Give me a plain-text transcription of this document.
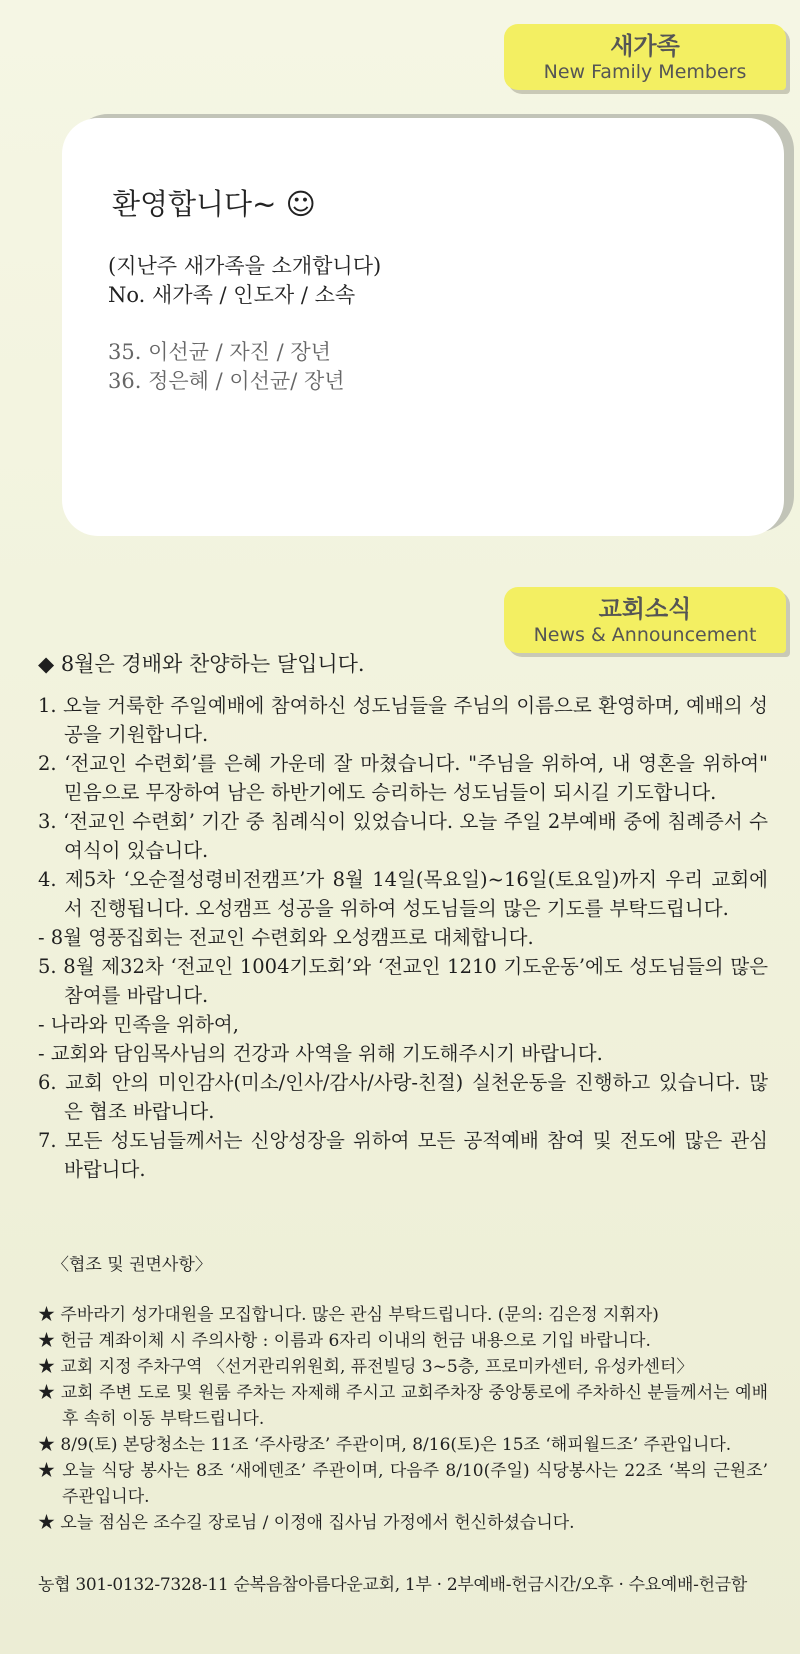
새가족
New Family Members
환영합니다~ ☺
(지난주 새가족을 소개합니다)
No. 새가족 / 인도자 / 소속
35. 이선균 / 자진 / 장년
36. 정은혜 / 이선균/ 장년
교회소식
News & Announcement
◆ 8월은 경배와 찬양하는 달입니다.
1. 오늘 거룩한 주일예배에 참여하신 성도님들을 주님의 이름으로 환영하며, 예배의 성공을 기원합니다.
2. ‘전교인 수련회’를 은혜 가운데 잘 마쳤습니다. "주님을 위하여, 내 영혼을 위하여" 믿음으로 무장하여 남은 하반기에도 승리하는 성도님들이 되시길 기도합니다.
3. ‘전교인 수련회’ 기간 중 침례식이 있었습니다. 오늘 주일 2부예배 중에 침례증서 수여식이 있습니다.
4. 제5차 ‘오순절성령비전캠프’가 8월 14일(목요일)~16일(토요일)까지 우리 교회에서 진행됩니다. 오성캠프 성공을 위하여 성도님들의 많은 기도를 부탁드립니다.
- 8월 영풍집회는 전교인 수련회와 오성캠프로 대체합니다.
5. 8월 제32차 ‘전교인 1004기도회’와 ‘전교인 1210 기도운동’에도 성도님들의 많은 참여를 바랍니다.
- 나라와 민족을 위하여,
- 교회와 담임목사님의 건강과 사역을 위해 기도해주시기 바랍니다.
6. 교회 안의 미인감사(미소/인사/감사/사랑-친절) 실천운동을 진행하고 있습니다. 많은 협조 바랍니다.
7. 모든 성도님들께서는 신앙성장을 위하여 모든 공적예배 참여 및 전도에 많은 관심 바랍니다.
〈협조 및 권면사항〉
★ 주바라기 성가대원을 모집합니다. 많은 관심 부탁드립니다. (문의: 김은정 지휘자)
★ 헌금 계좌이체 시 주의사항 : 이름과 6자리 이내의 헌금 내용으로 기입 바랍니다.
★ 교회 지정 주차구역 〈선거관리위원회, 퓨전빌딩 3~5층, 프로미카센터, 유성카센터〉
★ 교회 주변 도로 및 원룸 주차는 자제해 주시고 교회주차장 중앙통로에 주차하신 분들께서는 예배 후 속히 이동 부탁드립니다.
★ 8/9(토) 본당청소는 11조 ‘주사랑조’ 주관이며, 8/16(토)은 15조 ‘해피월드조’ 주관입니다.
★ 오늘 식당 봉사는 8조 ‘새에덴조’ 주관이며, 다음주 8/10(주일) 식당봉사는 22조 ‘복의 근원조’ 주관입니다.
★ 오늘 점심은 조수길 장로님 / 이정애 집사님 가정에서 헌신하셨습니다.
농협 301-0132-7328-11 순복음참아름다운교회, 1부 · 2부예배-헌금시간/오후 · 수요예배-헌금함
